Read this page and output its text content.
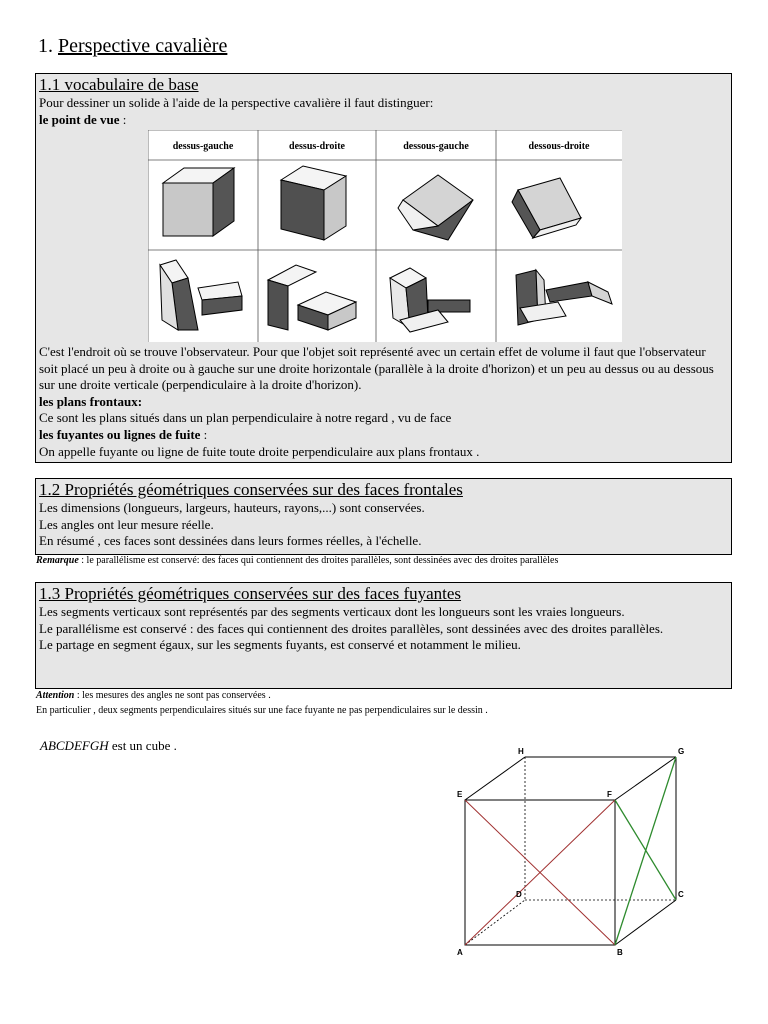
1. Perspective cavalière
1.1 vocabulaire de base

Pour dessiner un solide à l'aide de la perspective cavalière il faut distinguer:

le point de vue :

C'est l'endroit où se trouve l'observateur. Pour que l'objet soit représenté avec un certain effet de volume il faut que l'observateur soit placé un peu à droite ou à gauche sur une droite horizontale (parallèle à la droite d'horizon) et un peu au dessus ou au dessous sur une droite verticale (perpendiculaire à la droite d'horizon).

les plans frontaux:

Ce sont les plans situés dans un plan perpendiculaire à notre regard , vu de face

les fuyantes ou lignes de fuite :

On appelle fuyante ou ligne de fuite toute droite perpendiculaire aux plans frontaux .

dessus-gauche	dessus-droite	dessous-gauche	dessous-droite
1.2 Propriétés géométriques conservées sur des faces frontales

Les dimensions (longueurs, largeurs, hauteurs, rayons,...) sont conservées.

Les angles ont leur mesure réelle.

En résumé , ces faces sont dessinées dans leurs formes réelles, à l'échelle.

Remarque : le parallélisme est conservé: des faces qui contiennent des droites parallèles, sont dessinées avec des droites parallèles
1.3 Propriétés géométriques conservées sur des faces fuyantes

Les segments verticaux sont représentés par des segments verticaux dont les longueurs sont les vraies longueurs.

Le parallélisme est conservé : des faces qui contiennent des droites parallèles, sont dessinées avec des droites parallèles.

Le partage en segment égaux, sur les segments fuyants, est conservé et notamment le milieu.

Attention : les mesures des angles ne sont pas conservées .
En particulier , deux segments perpendiculaires situés sur une face fuyante ne pas perpendiculaires sur le dessin .
ABCDEFGH est un cube .	H	G
E	F
D	C
A	B
